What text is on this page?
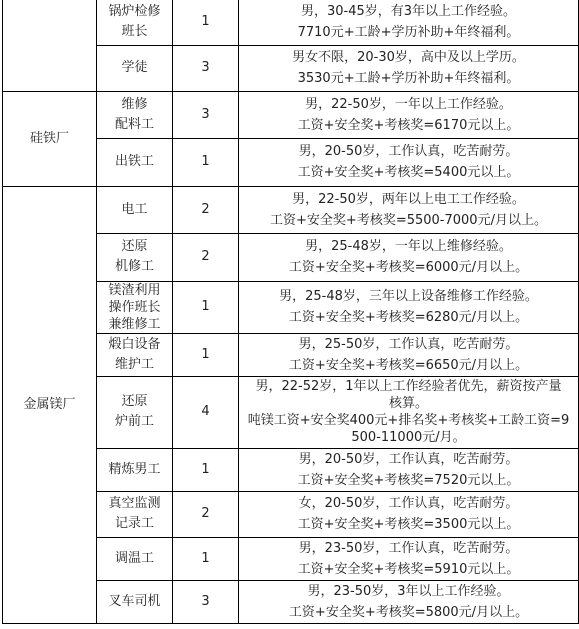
	锅炉检修
班长	1	男，30-45岁，有3年以上工作经验。
7710元+工龄+学历补助+年终福利。

	学徒	3	男女不限，20-30岁，高中及以上学历。
3530元+工龄+学历补助+年终福利。

硅铁厂	维修
配料工	3	男，22-50岁，一年以上工作经验。
工资+安全奖+考核奖=6170元以上。

	出铁工	1	男，20-50岁，工作认真，吃苦耐劳。
工资+安全奖+考核奖=5400元以上。

金属镁厂	电工	2	男，22-50岁，两年以上电工工作经验。
工资+安全奖+考核奖=5500-7000元/月以上。

	还原
机修工	2	男，25-48岁，一年以上维修经验。
工资+安全奖+考核奖=6000元/月以上。

	镁渣利用
操作班长
兼维修工	1	男，25-48岁，三年以上设备维修工作经验。
工资+安全奖+考核奖=6280元/月以上。

	煅白设备
维护工	1	男，25-50岁，工作认真，吃苦耐劳。
工资+安全奖+考核奖=6650元/月以上。

	还原
炉前工	4	男，22-52岁，1年以上工作经验者优先，薪资按产量
核算。
吨镁工资+安全奖400元+排名奖+考核奖+工龄工资=9
500-11000元/月。

	精炼男工	1	男，20-50岁，工作认真，吃苦耐劳。
工资+安全奖+考核奖=7520元以上。

	真空监测
记录工	2	女，20-50岁，工作认真，吃苦耐劳。
工资+安全奖+考核奖=3500元以上。

	调温工	1	男，23-50岁，工作认真，吃苦耐劳。
工资+安全奖+考核奖=5910元以上。

	叉车司机	3	男，23-50岁，3年以上工作经验。
工资+安全奖+考核奖=5800元/月以上。
